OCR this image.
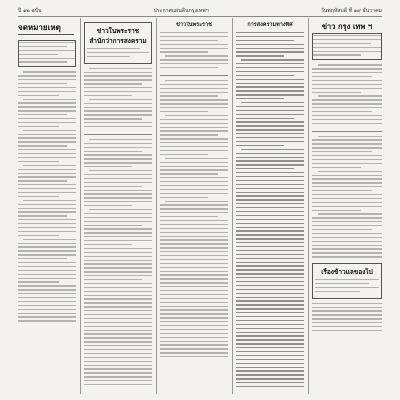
ปี ๑๒ ฉบับ	ประกาศแผ่นดินกรุงเทพฯ	วันพฤหัสบดี ที่ ๑๙ ธันวาคม
จดหมายเหตุ	ข่าวในพระราช
สำนักว่าการสงคราม
ข่าวในพระราช	การสงครามทางทิศ	ข่าว กรุง เทพ ฯ
เรื่องข้าวแลของไป
